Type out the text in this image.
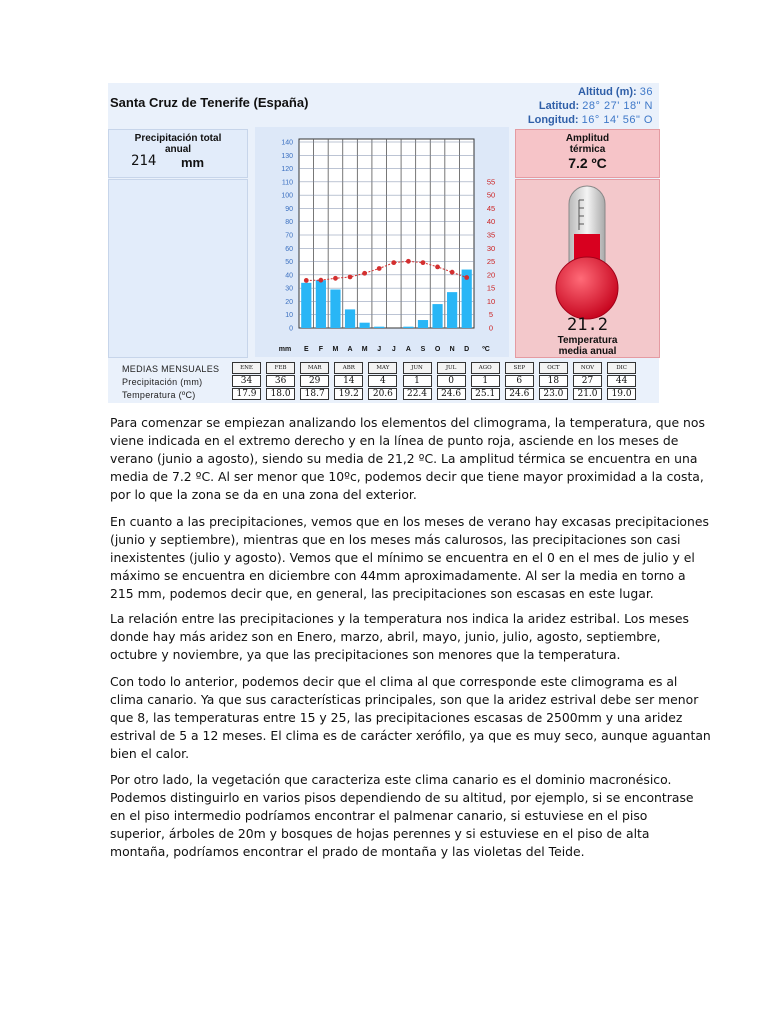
Santa Cruz de Tenerife (España)
Altitud (m): 36
Latitud: 28° 27' 18" N
Longitud: 16° 14' 56" O
Precipitación total anual
214 mm
0
10
20
30
40
50
60
70
80
90
100
110
120
130
140
0
5
10
15
20
25
30
35
40
45
50
55
E F M A M J J A S O N D
mm	ºC
Amplitud térmica
7.2 ºC
21.2
Temperatura media anual
MEDIAS MENSUALES
Precipitación (mm)
Temperatura (ºC)
ENE	FEB	MAR	ABR	MAY	JUN	JUL	AGO	SEP	OCT	NOV	DIC
34	36	29	14	4	1	0	1	6	18	27	44
17.9	18.0	18.7	19.2	20.6	22.4	24.6	25.1	24.6	23.0	21.0	19.0
Para comenzar se empiezan analizando los elementos del climograma, la temperatura, que nos
viene indicada en el extremo derecho y en la línea de punto roja, asciende en los meses de
verano (junio a agosto), siendo su media de 21,2 ºC. La amplitud térmica se encuentra en una
media de 7.2 ºC. Al ser menor que 10ºc, podemos decir que tiene mayor proximidad a la costa,
por lo que la zona se da en una zona del exterior.
En cuanto a las precipitaciones, vemos que en los meses de verano hay excasas precipitaciones
(junio y septiembre), mientras que en los meses más calurosos, las precipitaciones son casi
inexistentes (julio y agosto). Vemos que el mínimo se encuentra en el 0 en el mes de julio y el
máximo se encuentra en diciembre con 44mm aproximadamente. Al ser la media en torno a
215 mm, podemos decir que, en general, las precipitaciones son escasas en este lugar.
La relación entre las precipitaciones y la temperatura nos indica la aridez estribal. Los meses
donde hay más aridez son en Enero, marzo, abril, mayo, junio, julio, agosto, septiembre,
octubre y noviembre, ya que las precipitaciones son menores que la temperatura.
Con todo lo anterior, podemos decir que el clima al que corresponde este climograma es al
clima canario. Ya que sus características principales, son que la aridez estrival debe ser menor
que 8, las temperaturas entre 15 y 25, las precipitaciones escasas de 2500mm y una aridez
estrival de 5 a 12 meses. El clima es de carácter xerófilo, ya que es muy seco, aunque aguantan
bien el calor.
Por otro lado, la vegetación que caracteriza este clima canario es el dominio macronésico.
Podemos distinguirlo en varios pisos dependiendo de su altitud, por ejemplo, si se encontrase
en el piso intermedio podríamos encontrar el palmenar canario, si estuviese en el piso
superior, árboles de 20m y bosques de hojas perennes y si estuviese en el piso de alta
montaña, podríamos encontrar el prado de montaña y las violetas del Teide.
